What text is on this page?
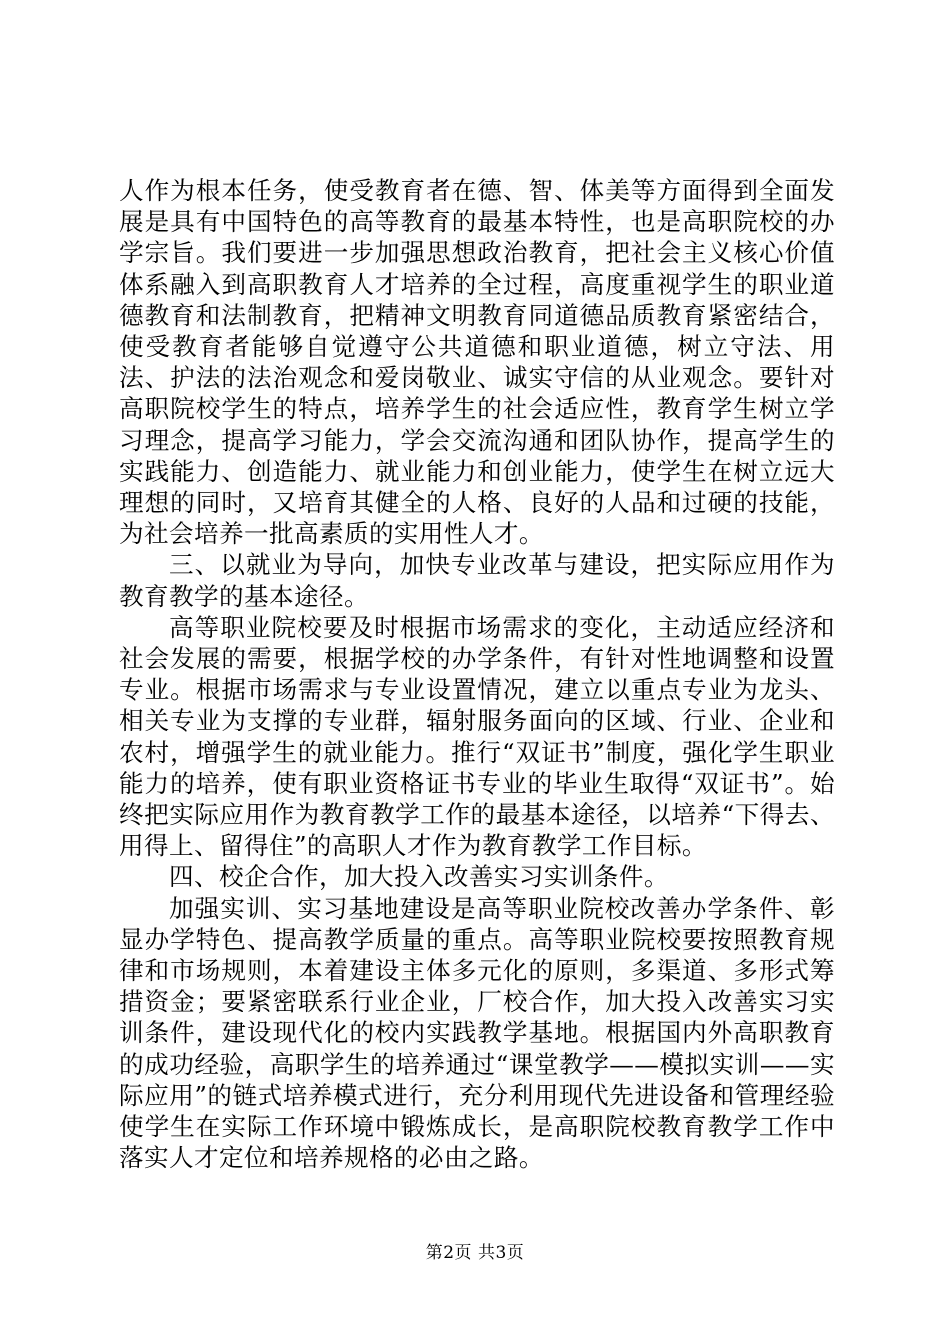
人作为根本任务，使受教育者在德、智、体美等方面得到全面发展是具有中国特色的高等教育的最基本特性，也是高职院校的办学宗旨。我们要进一步加强思想政治教育，把社会主义核心价值体系融入到高职教育人才培养的全过程，高度重视学生的职业道德教育和法制教育，把精神文明教育同道德品质教育紧密结合，使受教育者能够自觉遵守公共道德和职业道德，树立守法、用法、护法的法治观念和爱岗敬业、诚实守信的从业观念。要针对高职院校学生的特点，培养学生的社会适应性，教育学生树立学习理念，提高学习能力，学会交流沟通和团队协作，提高学生的实践能力、创造能力、就业能力和创业能力，使学生在树立远大理想的同时，又培育其健全的人格、良好的人品和过硬的技能，为社会培养一批高素质的实用性人才。

三、以就业为导向，加快专业改革与建设，把实际应用作为教育教学的基本途径。

高等职业院校要及时根据市场需求的变化，主动适应经济和社会发展的需要，根据学校的办学条件，有针对性地调整和设置专业。根据市场需求与专业设置情况，建立以重点专业为龙头、相关专业为支撑的专业群，辐射服务面向的区域、行业、企业和农村，增强学生的就业能力。推行“双证书”制度，强化学生职业能力的培养，使有职业资格证书专业的毕业生取得“双证书”。始终把实际应用作为教育教学工作的最基本途径，以培养“下得去、用得上、留得住”的高职人才作为教育教学工作目标。

四、校企合作，加大投入改善实习实训条件。

加强实训、实习基地建设是高等职业院校改善办学条件、彰显办学特色、提高教学质量的重点。高等职业院校要按照教育规律和市场规则，本着建设主体多元化的原则，多渠道、多形式筹措资金；要紧密联系行业企业，厂校合作，加大投入改善实习实训条件，建设现代化的校内实践教学基地。根据国内外高职教育的成功经验，高职学生的培养通过“课堂教学——模拟实训——实际应用”的链式培养模式进行，充分利用现代先进设备和管理经验使学生在实际工作环境中锻炼成长，是高职院校教育教学工作中落实人才定位和培养规格的必由之路。

第2页 共3页
